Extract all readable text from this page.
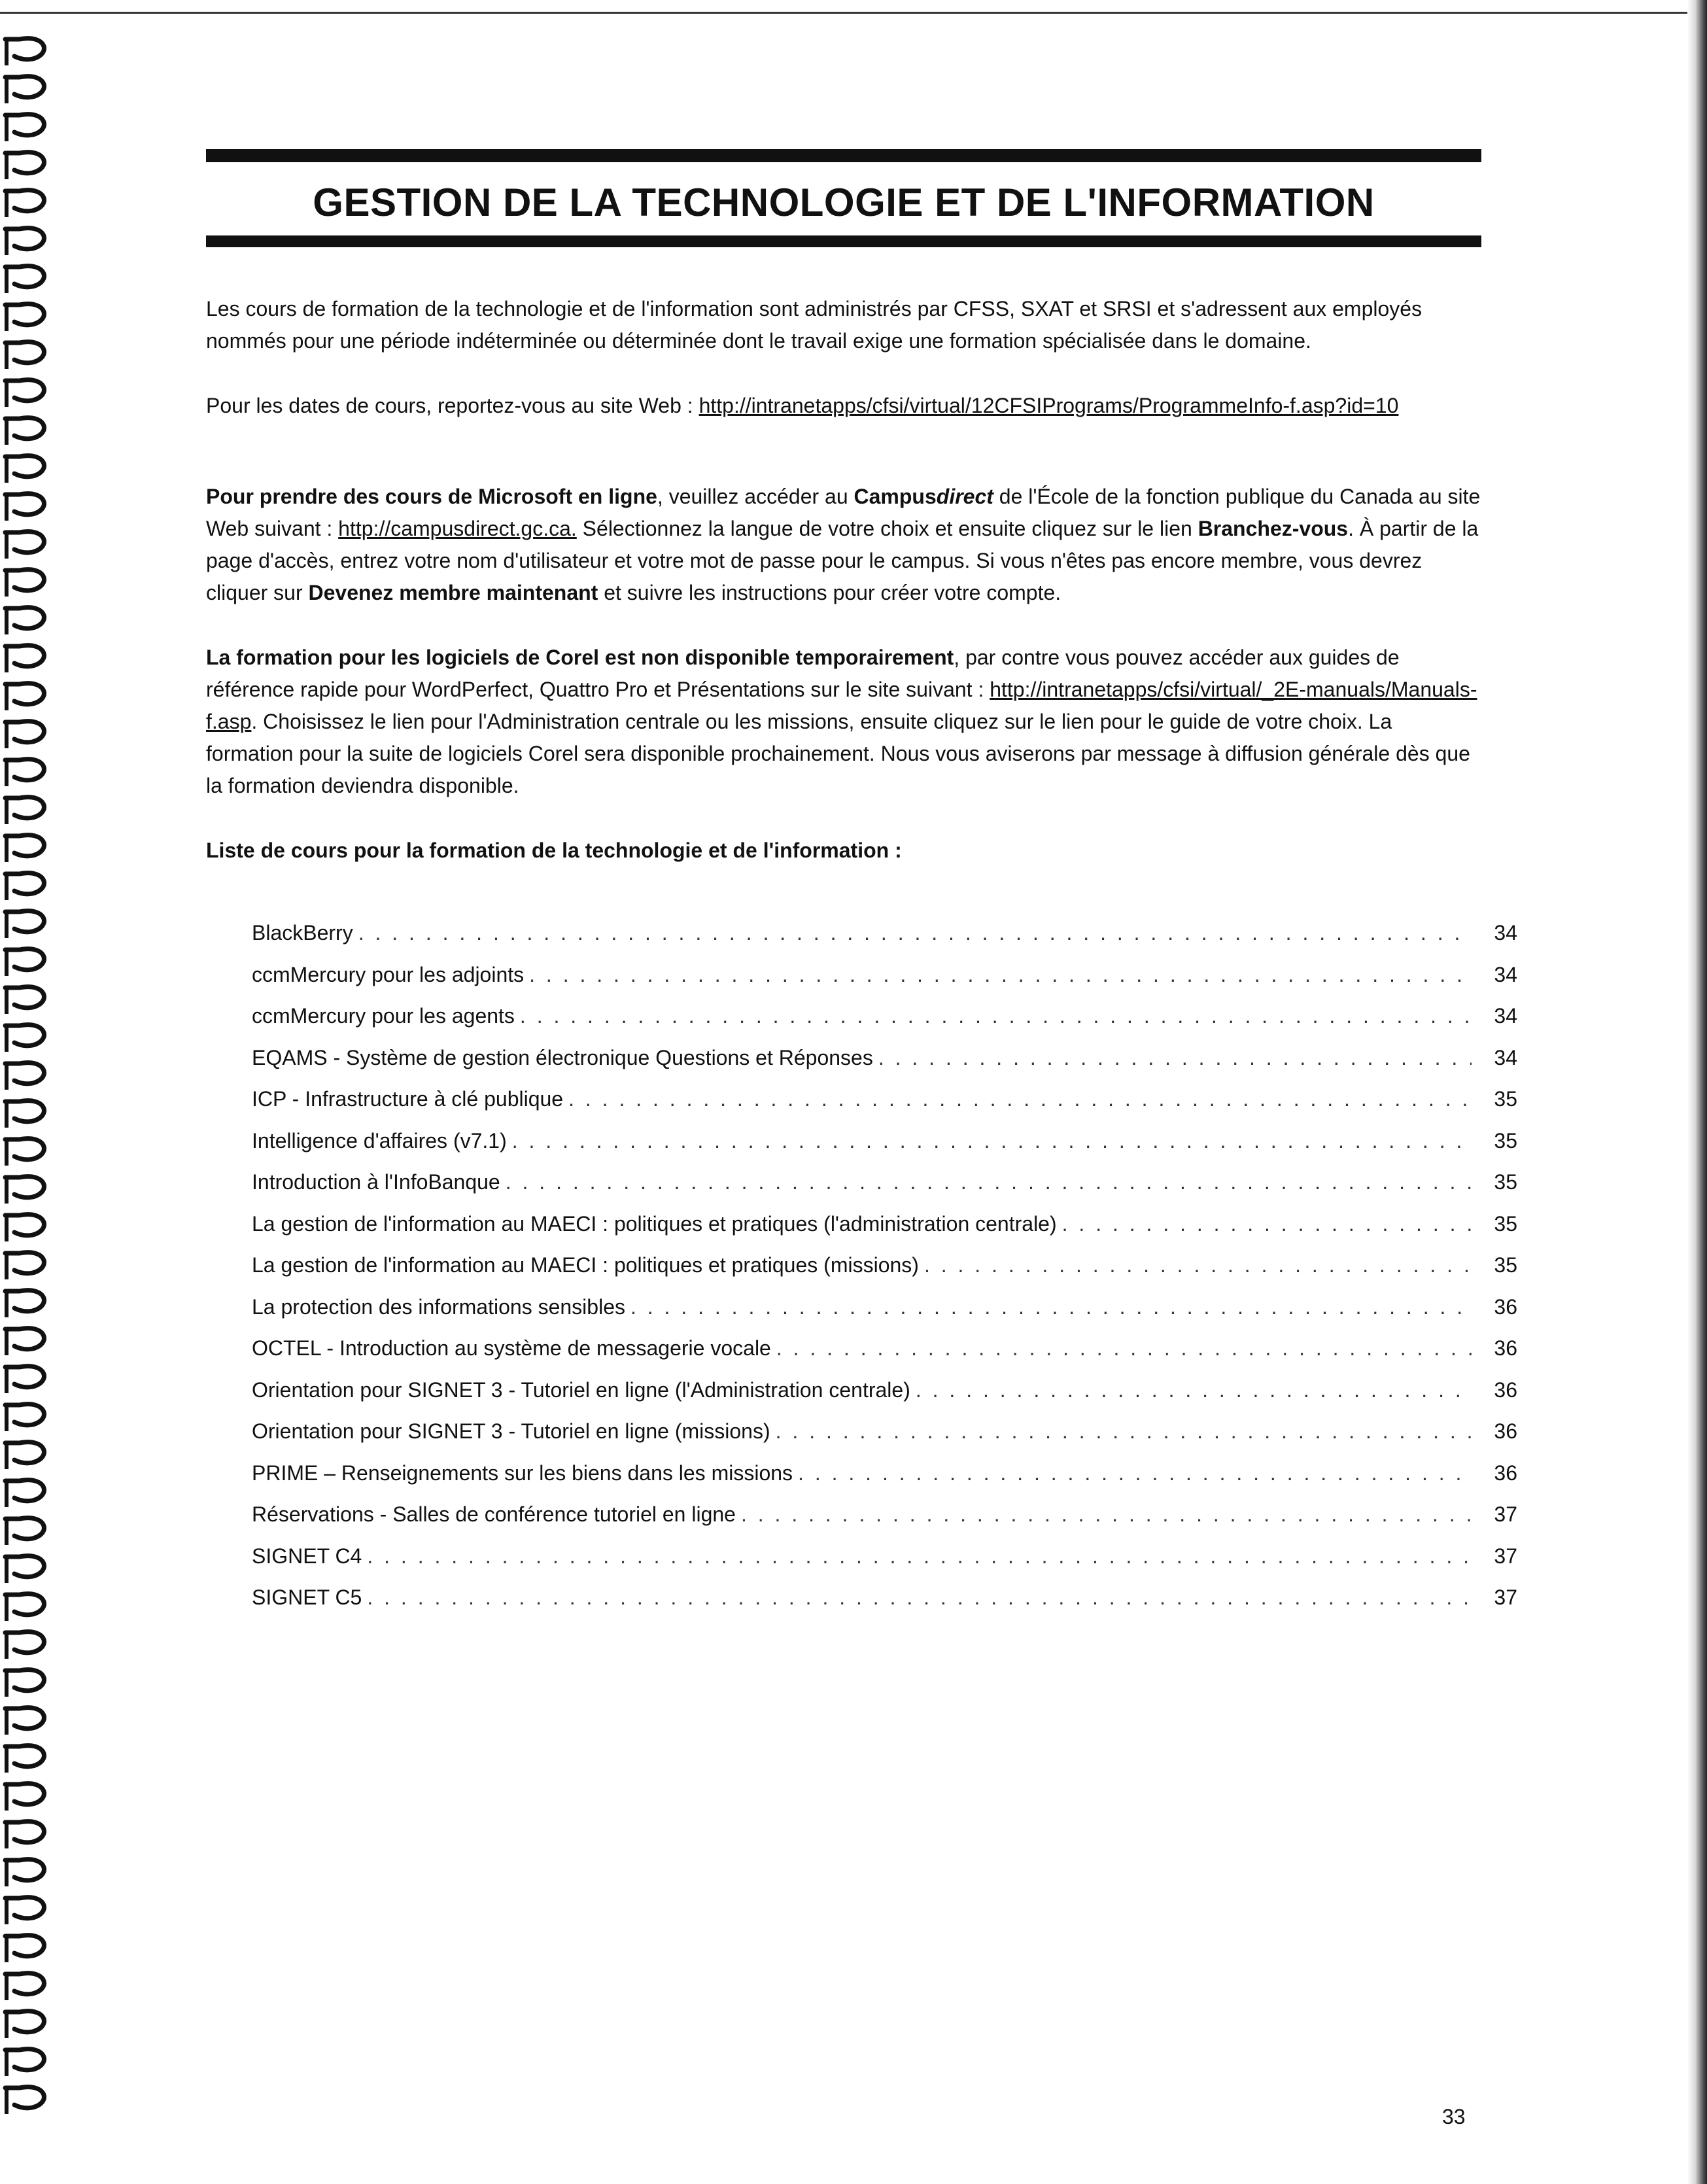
GESTION DE LA TECHNOLOGIE ET DE L'INFORMATION

Les cours de formation de la technologie et de l'information sont administrés par CFSS, SXAT et SRSI et s'adressent aux employés nommés pour une période indéterminée ou déterminée dont le travail exige une formation spécialisée dans le domaine.

Pour les dates de cours, reportez-vous au site Web : http://intranetapps/cfsi/virtual/12CFSIPrograms/ProgrammeInfo-f.asp?id=10

Pour prendre des cours de Microsoft en ligne, veuillez accéder au Campusdirect de l'École de la fonction publique du Canada au site Web suivant : http://campusdirect.gc.ca. Sélectionnez la langue de votre choix et ensuite cliquez sur le lien Branchez-vous. À partir de la page d'accès, entrez votre nom d'utilisateur et votre mot de passe pour le campus. Si vous n'êtes pas encore membre, vous devrez cliquer sur Devenez membre maintenant et suivre les instructions pour créer votre compte.

La formation pour les logiciels de Corel est non disponible temporairement, par contre vous pouvez accéder aux guides de référence rapide pour WordPerfect, Quattro Pro et Présentations sur le site suivant : http://intranetapps/cfsi/virtual/_2E-manuals/Manuals-f.asp. Choisissez le lien pour l'Administration centrale ou les missions, ensuite cliquez sur le lien pour le guide de votre choix. La formation pour la suite de logiciels Corel sera disponible prochainement. Nous vous aviserons par message à diffusion générale dès que la formation deviendra disponible.

Liste de cours pour la formation de la technologie et de l'information :
BlackBerry . . .	34
ccmMercury pour les adjoints . . .	34
ccmMercury pour les agents . . .	34
EQAMS - Système de gestion électronique Questions et Réponses . . .	34
ICP - Infrastructure à clé publique . . .	35
Intelligence d'affaires (v7.1) . . .	35
Introduction à l'InfoBanque . . .	35
La gestion de l'information au MAECI : politiques et pratiques (l'administration centrale) . . .	35
La gestion de l'information au MAECI : politiques et pratiques (missions) . . .	35
La protection des informations sensibles . . .	36
OCTEL - Introduction au système de messagerie vocale . . .	36
Orientation pour SIGNET 3 - Tutoriel en ligne (l'Administration centrale) . . .	36
Orientation pour SIGNET 3 - Tutoriel en ligne (missions) . . .	36
PRIME – Renseignements sur les biens dans les missions . . .	36
Réservations - Salles de conférence tutoriel en ligne . . .	37
SIGNET C4 . . .	37
SIGNET C5 . . .	37
33
